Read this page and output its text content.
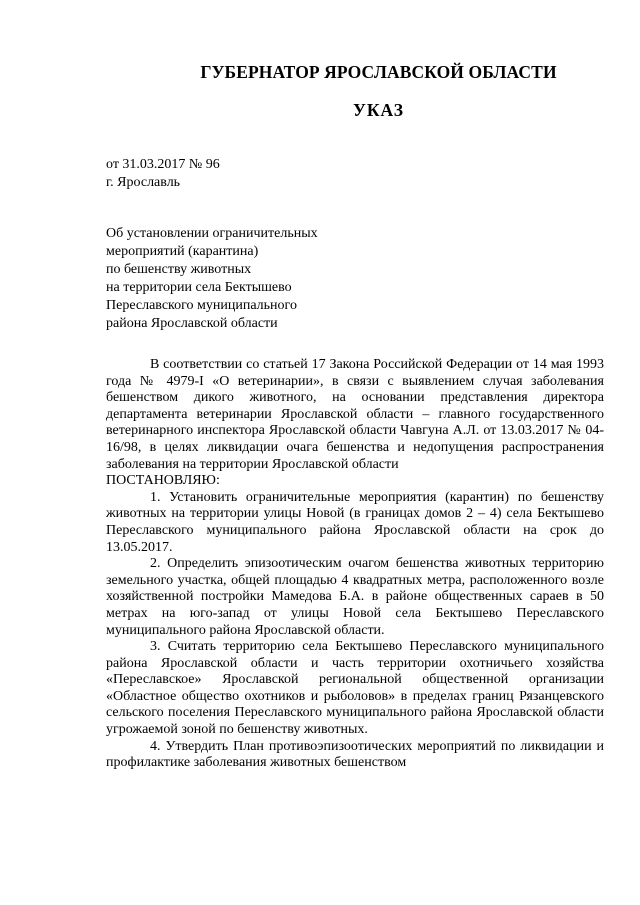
ГУБЕРНАТОР ЯРОСЛАВСКОЙ ОБЛАСТИ
УКАЗ
от 31.03.2017 № 96
г. Ярославль
Об установлении ограничительных
мероприятий (карантина)
по бешенству животных
на территории села Бектышево
Переславского муниципального
района Ярославской области

В соответствии со статьей 17 Закона Российской Федерации от 14 мая 1993 года № 4979-I «О ветеринарии», в связи с выявлением случая заболевания бешенством дикого животного, на основании представления директора департамента ветеринарии Ярославской области – главного государственного ветеринарного инспектора Ярославской области Чавгуна А.Л. от 13.03.2017 № 04-16/98, в целях ликвидации очага бешенства и недопущения распространения заболевания на территории Ярославской области

ПОСТАНОВЛЯЮ:

1. Установить ограничительные мероприятия (карантин) по бешенству животных на территории улицы Новой (в границах домов 2 – 4) села Бектышево Переславского муниципального района Ярославской области на срок до 13.05.2017.

2. Определить эпизоотическим очагом бешенства животных территорию земельного участка, общей площадью 4 квадратных метра, расположенного возле хозяйственной постройки Мамедова Б.А. в районе общественных сараев в 50 метрах на юго-запад от улицы Новой села Бектышево Переславского муниципального района Ярославской области.

3. Считать территорию села Бектышево Переславского муниципального района Ярославской области и часть территории охотничьего хозяйства «Переславское» Ярославской региональной общественной организации «Областное общество охотников и рыболовов» в пределах границ Рязанцевского сельского поселения Переславского муниципального района Ярославской области угрожаемой зоной по бешенству животных.

4. Утвердить План противоэпизоотических мероприятий по ликвидации и профилактике заболевания животных бешенством
